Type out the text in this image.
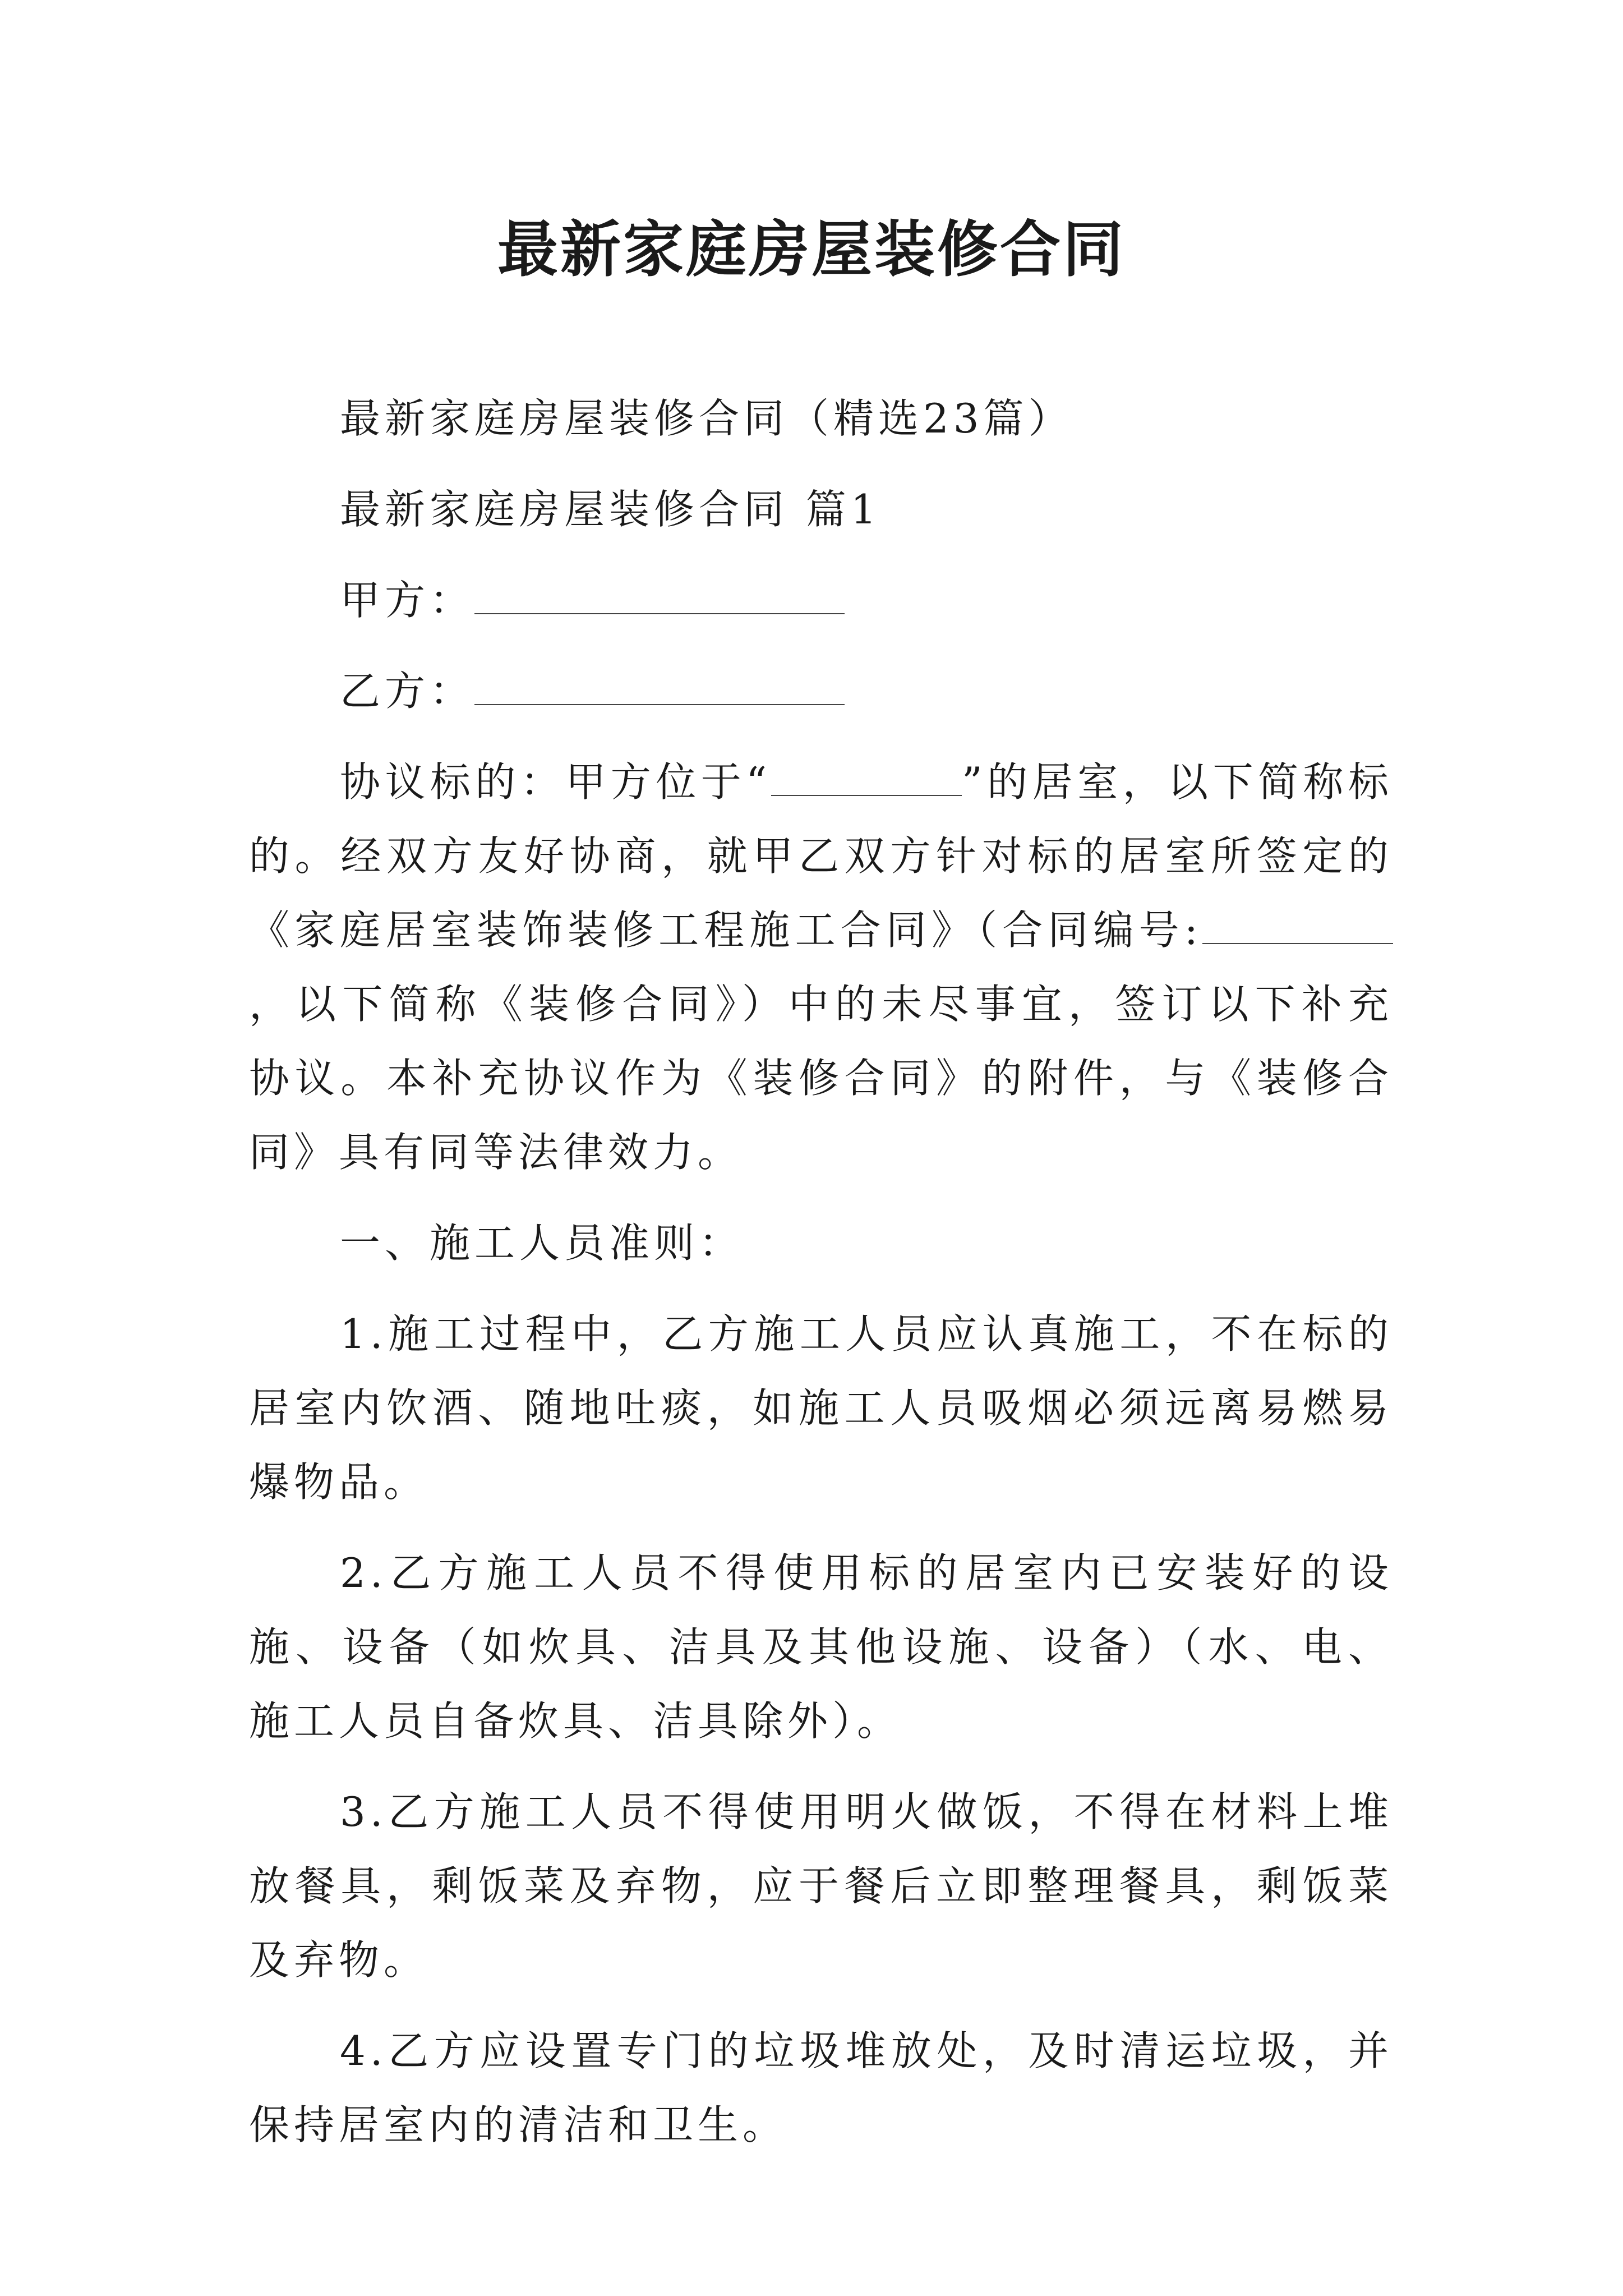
最新家庭房屋装修合同

最新家庭房屋装修合同（精选23篇）

最新家庭房屋装修合同 篇1

甲方：

乙方：

协议标的：甲方位于“	”的居室，以下简称标的。经双方友好协商，就甲乙双方针对标的居室所签定的《家庭居室装饰装修工程施工合同》（合同编号:，以下简称《装修合同》）中的未尽事宜，签订以下补充协议。本补充协议作为《装修合同》的附件，与《装修合同》具有同等法律效力。

一、施工人员准则：

1.施工过程中，乙方施工人员应认真施工，不在标的居室内饮酒、随地吐痰，如施工人员吸烟必须远离易燃易爆物品。

2.乙方施工人员不得使用标的居室内已安装好的设施、设备（如炊具、洁具及其他设施、设备）（水、电、施工人员自备炊具、洁具除外）。

3.乙方施工人员不得使用明火做饭，不得在材料上堆放餐具，剩饭菜及弃物，应于餐后立即整理餐具，剩饭菜及弃物。

4.乙方应设置专门的垃圾堆放处，及时清运垃圾，并保持居室内的清洁和卫生。
